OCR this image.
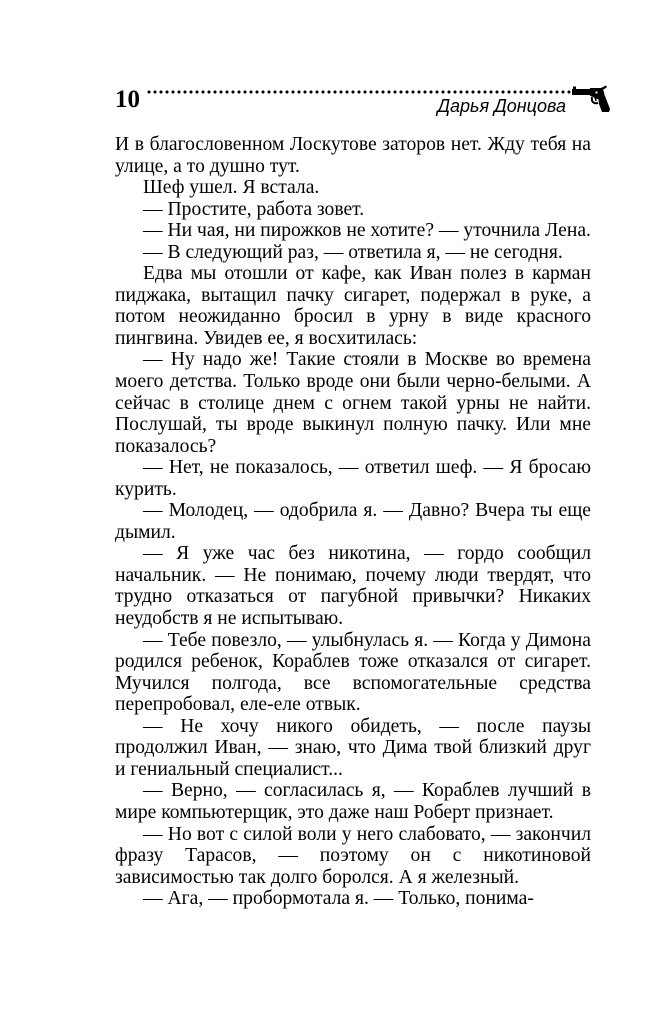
10	Дарья Донцова

И в благословенном Лоскутове заторов нет. Жду тебя на улице, а то душно тут.

Шеф ушел. Я встала.

— Простите, работа зовет.

— Ни чая, ни пирожков не хотите? — уточнила Лена.

— В следующий раз, — ответила я, — не сегодня.

Едва мы отошли от кафе, как Иван полез в карман пиджака, вытащил пачку сигарет, подержал в руке, а потом неожиданно бросил в урну в виде красного пингвина. Увидев ее, я восхитилась:

— Ну надо же! Такие стояли в Москве во времена моего детства. Только вроде они были черно-белыми. А сейчас в столице днем с огнем такой урны не найти. Послушай, ты вроде выкинул полную пачку. Или мне показалось?

— Нет, не показалось, — ответил шеф. — Я бросаю курить.

— Молодец, — одобрила я. — Давно? Вчера ты еще дымил.

— Я уже час без никотина, — гордо сообщил начальник. — Не понимаю, почему люди твердят, что трудно отказаться от пагубной привычки? Никаких неудобств я не испытываю.

— Тебе повезло, — улыбнулась я. — Когда у Димона родился ребенок, Кораблев тоже отказался от сигарет. Мучился полгода, все вспомогательные средства перепробовал, еле-еле отвык.

— Не хочу никого обидеть, — после паузы продолжил Иван, — знаю, что Дима твой близкий друг и гениальный специалист...

— Верно, — согласилась я, — Кораблев лучший в мире компьютерщик, это даже наш Роберт признает.

— Но вот с силой воли у него слабовато, — закончил фразу Тарасов, — поэтому он с никотиновой зависимостью так долго боролся. А я железный.

— Ага, — пробормотала я. — Только, понима-
